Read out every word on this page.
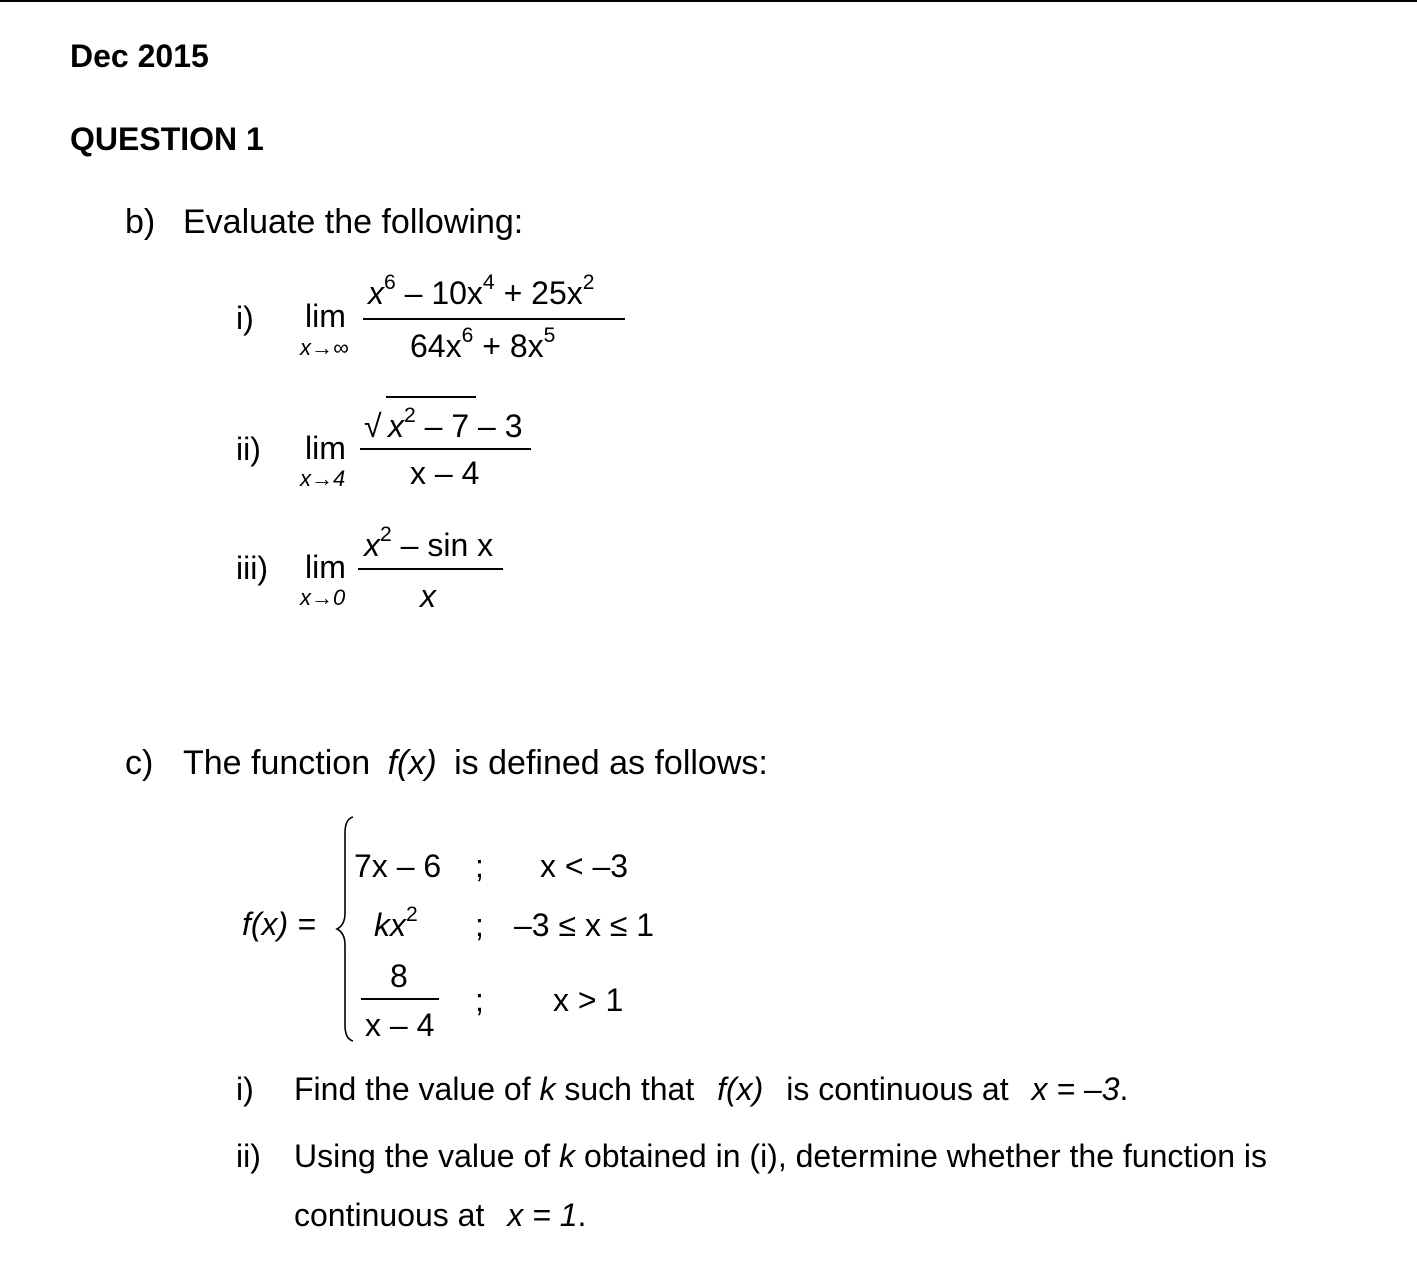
Dec 2015
QUESTION 1
b) Evaluate the following:
i) lim
x→∞
$x^6 - 10x^4 + 25x^2$
$64x^6 + 8x^5$
ii) lim
x→4
√ $x^2 - 7 - 3$
x – 4
iii) lim
x→0
$x^2$ – sin x
x
c) The function f(x) is defined as follows:
f(x) =
7x – 6 ; x < –3
$kx^2$ ; –3 ≤ x ≤ 1
8
x – 4
; x > 1
i) Find the value of k such that f(x) is continuous at x = –3.
ii) Using the value of k obtained in (i), determine whether the function is
continuous at x = 1.
